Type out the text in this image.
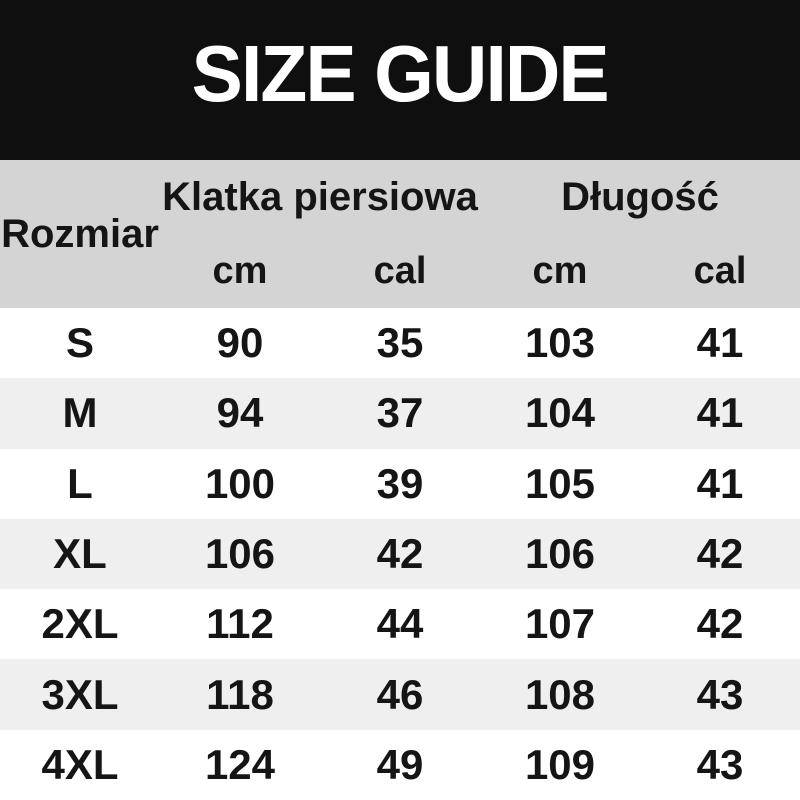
SIZE GUIDE
Rozmiar
Klatka piersiowa	Długość
cm	cal	cm	cal
S	90	35	103	41
M	94	37	104	41
L	100	39	105	41
XL	106	42	106	42
2XL	112	44	107	42
3XL	118	46	108	43
4XL	124	49	109	43
